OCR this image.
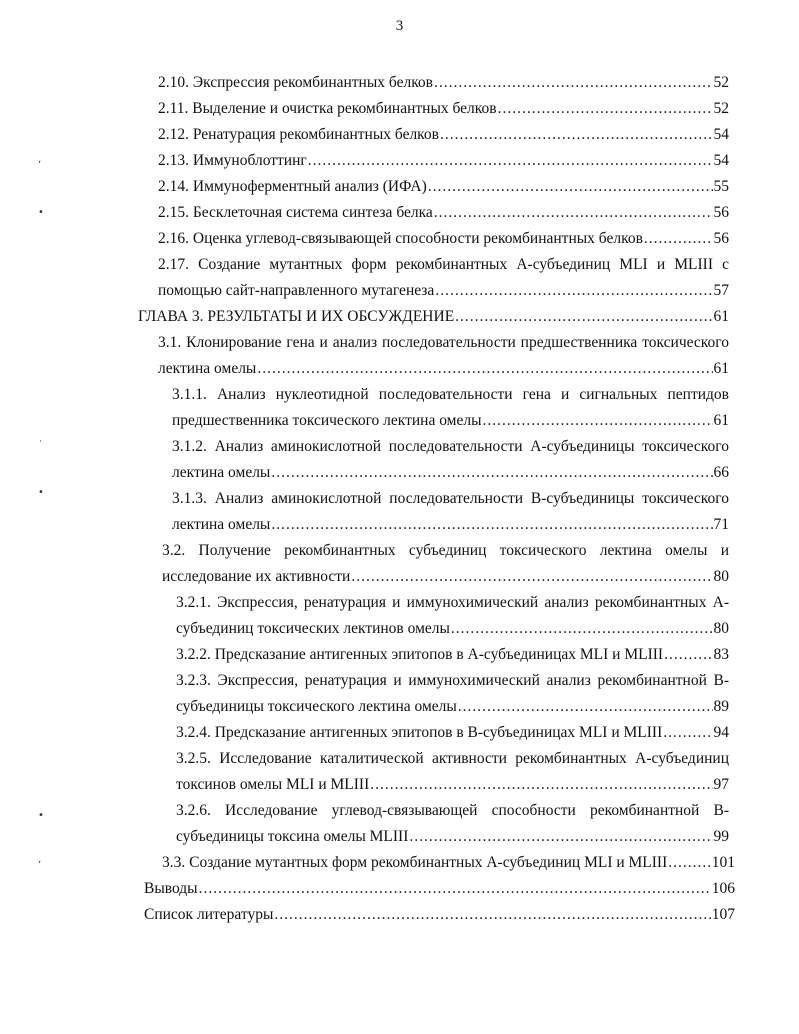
3
ʼ
•
˙
•
•
ʼ
2.10. Экспрессия рекомбинантных белков .....	52
2.11. Выделение и очистка рекомбинантных белков .....	52
2.12. Ренатурация рекомбинантных белков .....	54
2.13. Иммуноблоттинг .....	54
2.14. Иммуноферментный анализ (ИФА) .....	55
2.15. Бесклеточная система синтеза белка .....	56
2.16. Оценка углевод-связывающей способности рекомбинантных белков .....	56
2.17. Создание мутантных форм рекомбинантных А-субъединиц MLI и MLIII с
помощью сайт-направленного мутагенеза .....	57
ГЛАВА 3. РЕЗУЛЬТАТЫ И ИХ ОБСУЖДЕНИЕ .....	61
3.1. Клонирование гена и анализ последовательности предшественника токсического
лектина омелы .....	61
3.1.1. Анализ нуклеотидной последовательности гена и сигнальных пептидов
предшественника токсического лектина омелы .....	61
3.1.2. Анализ аминокислотной последовательности А-субъединицы токсического
лектина омелы .....	66
3.1.3. Анализ аминокислотной последовательности В-субъединицы токсического
лектина омелы .....	71
3.2. Получение рекомбинантных субъединиц токсического лектина омелы и
исследование их активности .....	80
3.2.1. Экспрессия, ренатурация и иммунохимический анализ рекомбинантных А-
субъединиц токсических лектинов омелы .....	80
3.2.2. Предсказание антигенных эпитопов в А-субъединицах MLI и MLIII .....	83
3.2.3. Экспрессия, ренатурация и иммунохимический анализ рекомбинантной В-
субъединицы токсического лектина омелы .....	89
3.2.4. Предсказание антигенных эпитопов в В-субъединицах MLI и MLIII .....	94
3.2.5. Исследование каталитической активности рекомбинантных А-субъединиц
токсинов омелы MLI и MLIII .....	97
3.2.6. Исследование углевод-связывающей способности рекомбинантной В-
субъединицы токсина омелы MLIII .....	99
3.3. Создание мутантных форм рекомбинантных А-субъединиц MLI и MLIII .....	101
Выводы .....	106
Список литературы .....	107
